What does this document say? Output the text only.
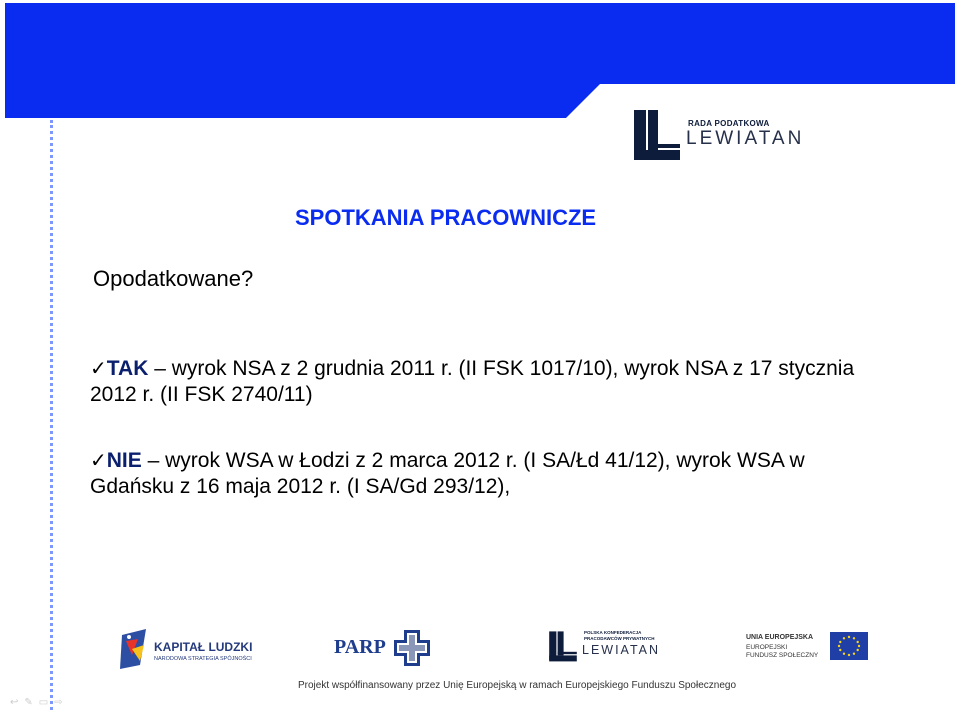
RADA PODATKOWA
LEWIATAN
SPOTKANIA PRACOWNICZE
Opodatkowane?
✓TAK – wyrok NSA z 2 grudnia 2011 r. (II FSK 1017/10), wyrok NSA z 17 stycznia 2012 r. (II FSK 2740/11)
✓NIE – wyrok WSA w Łodzi z 2 marca 2012 r. (I SA/Łd 41/12), wyrok WSA w Gdańsku z 16 maja 2012 r. (I SA/Gd 293/12),
KAPITAŁ LUDZKI
NARODOWA STRATEGIA SPÓJNOŚCI
PARP
POLSKA KONFEDERACJA PRACODAWCÓW PRYWATNYCH
LEWIATAN
UNIA EUROPEJSKA
EUROPEJSKI
FUNDUSZ SPOŁECZNY
Projekt współfinansowany przez Unię Europejską w ramach Europejskiego Funduszu Społecznego
↩✎▭⇨
